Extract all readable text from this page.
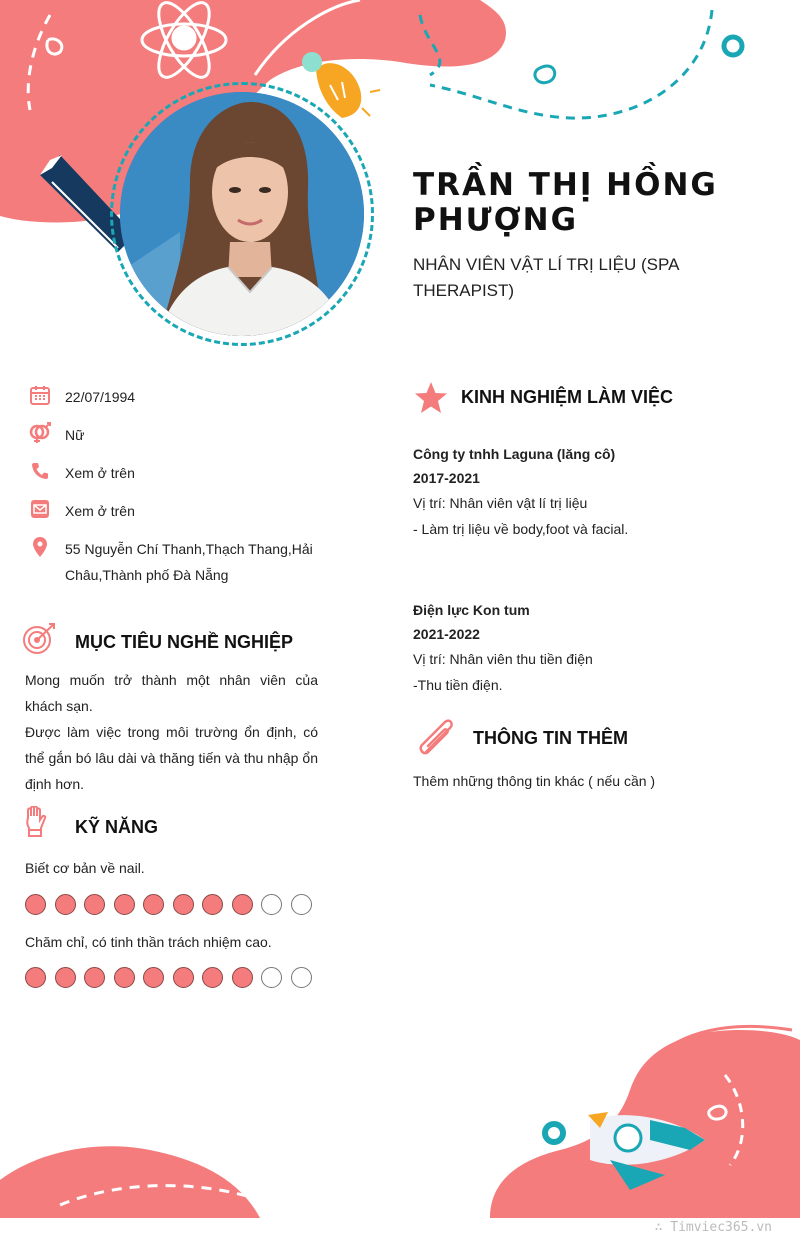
TRẦN THỊ HỒNG PHƯỢNG
NHÂN VIÊN VẬT LÍ TRỊ LIỆU (SPA THERAPIST)
22/07/1994
Nữ
Xem ở trên
Xem ở trên
55 Nguyễn Chí Thanh,Thạch Thang,Hải Châu,Thành phố Đà Nẵng
MỤC TIÊU NGHỀ NGHIỆP
Mong muốn trở thành một nhân viên của khách sạn.
Được làm việc trong môi trường ổn định, có thể gắn bó lâu dài và thăng tiến và thu nhập ổn định hơn.
KỸ NĂNG
Biết cơ bản về nail.
Chăm chỉ, có tinh thần trách nhiệm cao.
KINH NGHIỆM LÀM VIỆC
Công ty tnhh Laguna (lăng cô)
2017-2021
Vị trí: Nhân viên vật lí trị liệu
- Làm trị liệu về body,foot và facial.
Điện lực Kon tum
2021-2022
Vị trí: Nhân viên thu tiền điện
-Thu tiền điện.
THÔNG TIN THÊM
Thêm những thông tin khác ( nếu cần )
∴ Timviec365.vn
